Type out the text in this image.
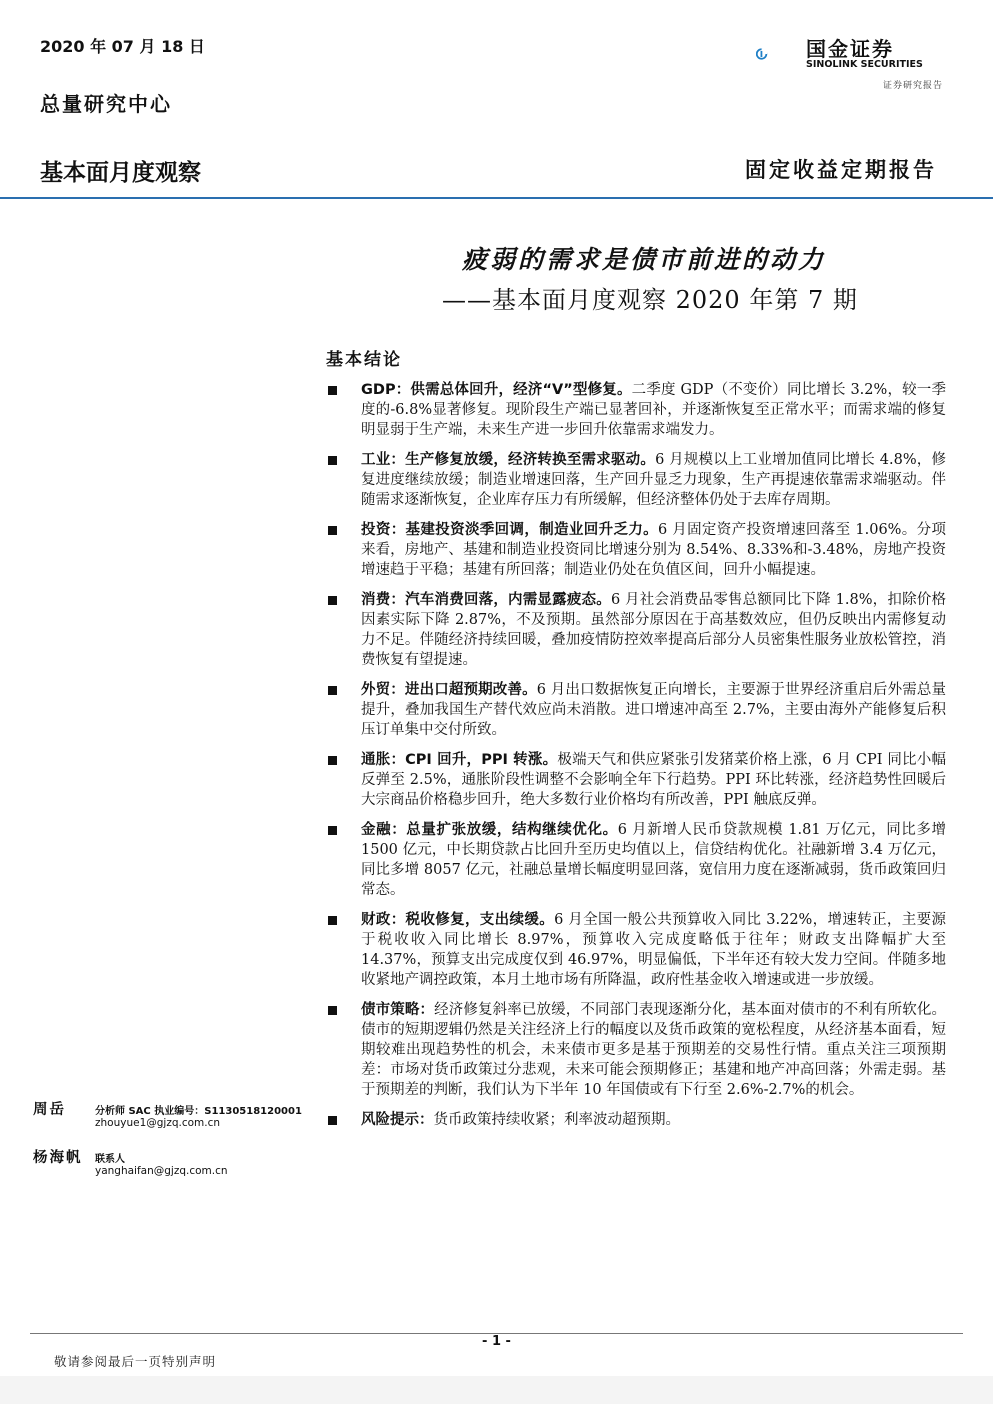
2020 年 07 月 18 日
总量研究中心
基本面月度观察	固定收益定期报告
国金证券
SINOLINK SECURITIES
证券研究报告
疲弱的需求是债市前进的动力
——基本面月度观察 2020 年第 7 期
基本结论
GDP：供需总体回升，经济“V”型修复。二季度 GDP（不变价）同比增长 3.2%，较一季度的-6.8%显著修复。现阶段生产端已显著回补，并逐渐恢复至正常水平；而需求端的修复明显弱于生产端，未来生产进一步回升依靠需求端发力。
工业：生产修复放缓，经济转换至需求驱动。6 月规模以上工业增加值同比增长 4.8%，修复进度继续放缓；制造业增速回落，生产回升显乏力现象，生产再提速依靠需求端驱动。伴随需求逐渐恢复，企业库存压力有所缓解，但经济整体仍处于去库存周期。
投资：基建投资淡季回调，制造业回升乏力。6 月固定资产投资增速回落至 1.06%。分项来看，房地产、基建和制造业投资同比增速分别为 8.54%、8.33%和-3.48%，房地产投资增速趋于平稳；基建有所回落；制造业仍处在负值区间，回升小幅提速。
消费：汽车消费回落，内需显露疲态。6 月社会消费品零售总额同比下降 1.8%，扣除价格因素实际下降 2.87%，不及预期。虽然部分原因在于高基数效应，但仍反映出内需修复动力不足。伴随经济持续回暖，叠加疫情防控效率提高后部分人员密集性服务业放松管控，消费恢复有望提速。
外贸：进出口超预期改善。6 月出口数据恢复正向增长，主要源于世界经济重启后外需总量提升，叠加我国生产替代效应尚未消散。进口增速冲高至 2.7%，主要由海外产能修复后积压订单集中交付所致。
通胀：CPI 回升，PPI 转涨。极端天气和供应紧张引发猪菜价格上涨，6 月 CPI 同比小幅反弹至 2.5%，通胀阶段性调整不会影响全年下行趋势。PPI 环比转涨，经济趋势性回暖后大宗商品价格稳步回升，绝大多数行业价格均有所改善，PPI 触底反弹。
金融：总量扩张放缓，结构继续优化。6 月新增人民币贷款规模 1.81 万亿元，同比多增 1500 亿元，中长期贷款占比回升至历史均值以上，信贷结构优化。社融新增 3.4 万亿元，同比多增 8057 亿元，社融总量增长幅度明显回落，宽信用力度在逐渐减弱，货币政策回归常态。
财政：税收修复，支出续缓。6 月全国一般公共预算收入同比 3.22%，增速转正，主要源于税收收入同比增长 8.97%，预算收入完成度略低于往年；财政支出降幅扩大至 14.37%，预算支出完成度仅到 46.97%，明显偏低，下半年还有较大发力空间。伴随多地收紧地产调控政策，本月土地市场有所降温，政府性基金收入增速或进一步放缓。
债市策略：经济修复斜率已放缓，不同部门表现逐渐分化，基本面对债市的不利有所软化。债市的短期逻辑仍然是关注经济上行的幅度以及货币政策的宽松程度，从经济基本面看，短期较难出现趋势性的机会，未来债市更多是基于预期差的交易性行情。重点关注三项预期差：市场对货币政策过分悲观，未来可能会预期修正；基建和地产冲高回落；外需走弱。基于预期差的判断，我们认为下半年 10 年国债或有下行至 2.6%-2.7%的机会。
风险提示：货币政策持续收紧；利率波动超预期。
周岳	分析师 SAC 执业编号：S1130518120001
zhouyue1@gjzq.com.cn
杨海帆 联系人
yanghaifan@gjzq.com.cn
- 1 -
敬请参阅最后一页特别声明
